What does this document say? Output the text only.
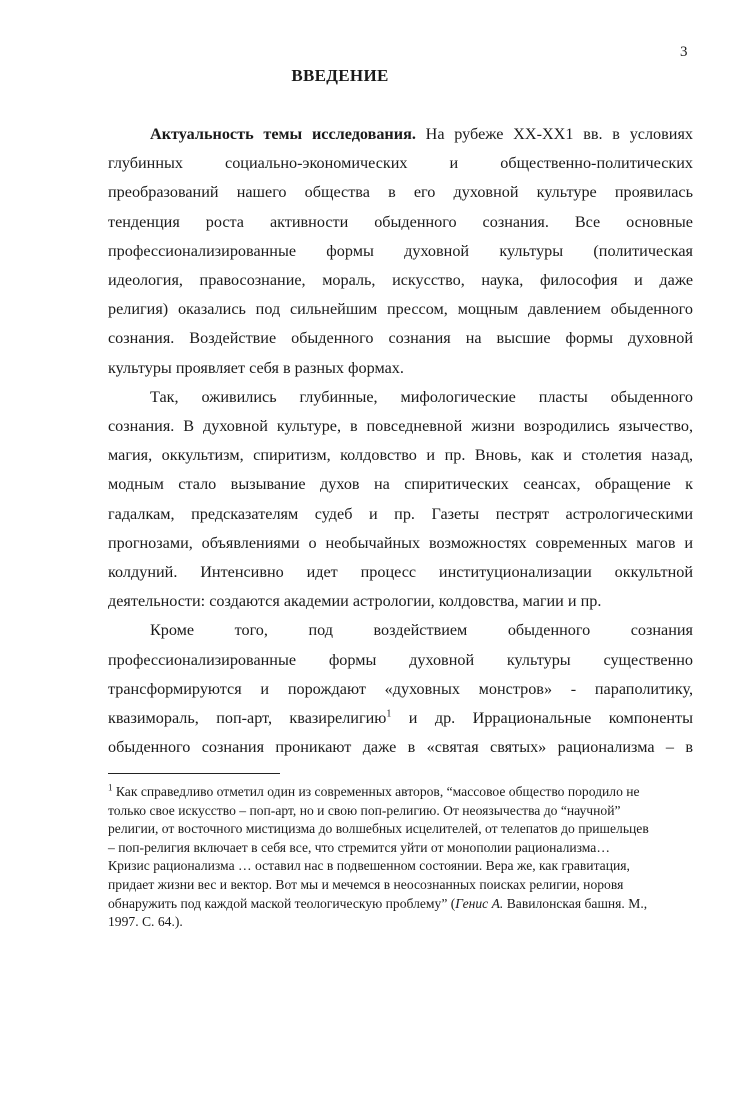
3
ВВЕДЕНИЕ
Актуальность темы исследования. На рубеже ХХ-ХХ1 вв. в условиях
глубинных социально-экономических и общественно-политических
преобразований нашего общества в его духовной культуре проявилась
тенденция роста активности обыденного сознания. Все основные
профессионализированные формы духовной культуры (политическая
идеология, правосознание, мораль, искусство, наука, философия и даже
религия) оказались под сильнейшим прессом, мощным давлением обыденного
сознания. Воздействие обыденного сознания на высшие формы духовной
культуры проявляет себя в разных формах.
Так, оживились глубинные, мифологические пласты обыденного
сознания. В духовной культуре, в повседневной жизни возродились язычество,
магия, оккультизм, спиритизм, колдовство и пр. Вновь, как и столетия назад,
модным стало вызывание духов на спиритических сеансах, обращение к
гадалкам, предсказателям судеб и пр. Газеты пестрят астрологическими
прогнозами, объявлениями о необычайных возможностях современных магов и
колдуний. Интенсивно идет процесс институционализации оккультной
деятельности: создаются академии астрологии, колдовства, магии и пр.
Кроме того, под воздействием обыденного сознания
профессионализированные формы духовной культуры существенно
трансформируются и порождают «духовных монстров» - параполитику,
квазимораль, поп-арт, квазирелигию$^1$ и др. Иррациональные компоненты
обыденного сознания проникают даже в «святая святых» рационализма – в
$^1$ Как справедливо отметил один из современных авторов, “массовое общество породило не
только свое искусство – поп-арт, но и свою поп-религию. От неоязычества до “научной”
религии, от восточного мистицизма до волшебных исцелителей, от телепатов до пришельцев
– поп-религия включает в себя все, что стремится уйти от монополии рационализма…
Кризис рационализма … оставил нас в подвешенном состоянии. Вера же, как гравитация,
придает жизни вес и вектор. Вот мы и мечемся в неосознанных поисках религии, норовя
обнаружить под каждой маской теологическую проблему” (Генис А. Вавилонская башня. М.,
1997. С. 64.).
